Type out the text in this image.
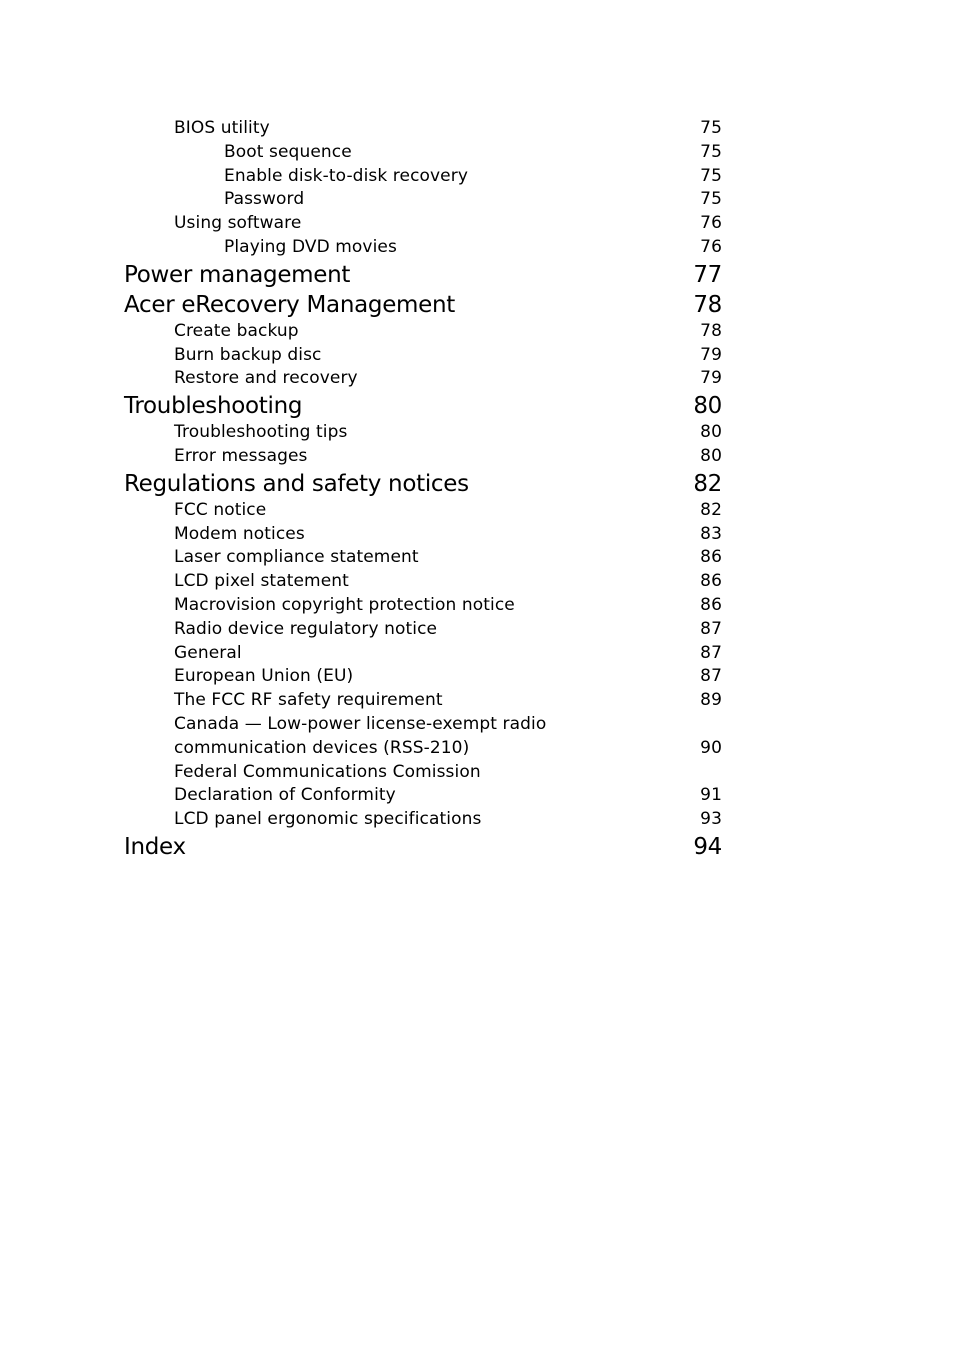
BIOS utility	75
Boot sequence	75
Enable disk-to-disk recovery	75
Password	75
Using software	76
Playing DVD movies	76
Power management	77
Acer eRecovery Management	78
Create backup	78
Burn backup disc	79
Restore and recovery	79
Troubleshooting	80
Troubleshooting tips	80
Error messages	80
Regulations and safety notices	82
FCC notice	82
Modem notices	83
Laser compliance statement	86
LCD pixel statement	86
Macrovision copyright protection notice	86
Radio device regulatory notice	87
General	87
European Union (EU)	87
The FCC RF safety requirement	89
Canada — Low-power license-exempt radio
communication devices (RSS-210)	90
Federal Communications Comission
Declaration of Conformity	91
LCD panel ergonomic specifications	93
Index	94
